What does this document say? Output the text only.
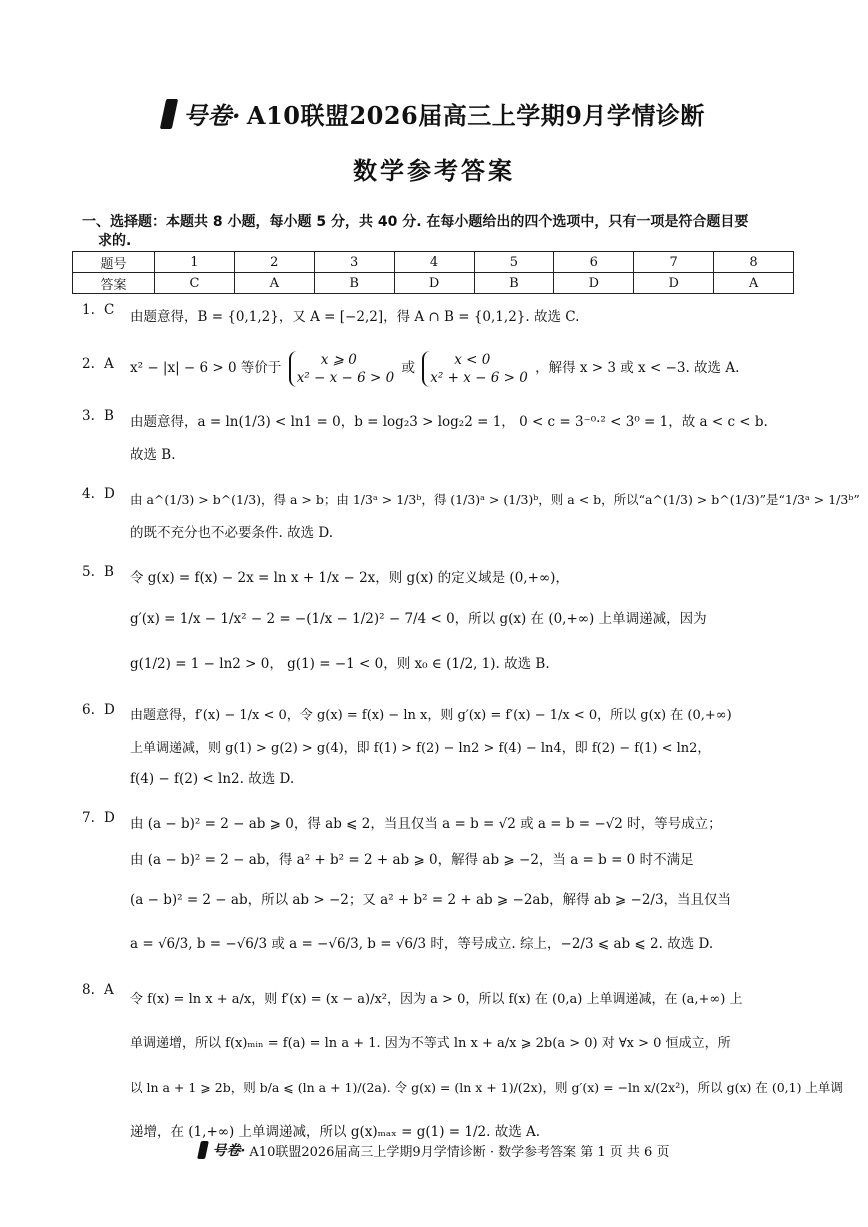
号卷· A10联盟2026届高三上学期9月学情诊断
数学参考答案
一、选择题：本题共 8 小题，每小题 5 分，共 40 分. 在每小题给出的四个选项中，只有一项是符合题目要
求的.
题号	1	2	3	4	5	6	7	8
答案	C	A	B	D	B	D	D	A
1. C	由题意得，B = {0,1,2}，又 A = [−2,2]，得 A ∩ B = {0,1,2}. 故选 C.
2. A	x² − |x| − 6 > 0 等价于
x ⩾ 0
x² − x − 6 > 0
或
x < 0
x² + x − 6 > 0
，解得 x > 3 或 x < −3. 故选 A.
3. B	由题意得，a = ln(1/3) < ln1 = 0，b = log₂3 > log₂2 = 1， 0 < c = 3⁻⁰·² < 3⁰ = 1，故 a < c < b.
故选 B.
4. D	由 a^(1/3) > b^(1/3)，得 a > b；由 1/3ᵃ > 1/3ᵇ，得 (1/3)ᵃ > (1/3)ᵇ，则 a < b，所以“a^(1/3) > b^(1/3)”是“1/3ᵃ > 1/3ᵇ”
的既不充分也不必要条件. 故选 D.
5. B	令 g(x) = f(x) − 2x = ln x + 1/x − 2x，则 g(x) 的定义域是 (0,+∞)，
g′(x) = 1/x − 1/x² − 2 = −(1/x − 1/2)² − 7/4 < 0，所以 g(x) 在 (0,+∞) 上单调递减，因为
g(1/2) = 1 − ln2 > 0， g(1) = −1 < 0，则 x₀ ∈ (1/2, 1). 故选 B.
6. D	由题意得，f′(x) − 1/x < 0，令 g(x) = f(x) − ln x，则 g′(x) = f′(x) − 1/x < 0，所以 g(x) 在 (0,+∞)
上单调递减，则 g(1) > g(2) > g(4)，即 f(1) > f(2) − ln2 > f(4) − ln4，即 f(2) − f(1) < ln2，
f(4) − f(2) < ln2. 故选 D.
7. D	由 (a − b)² = 2 − ab ⩾ 0，得 ab ⩽ 2，当且仅当 a = b = √2 或 a = b = −√2 时，等号成立；
由 (a − b)² = 2 − ab，得 a² + b² = 2 + ab ⩾ 0，解得 ab ⩾ −2，当 a = b = 0 时不满足
(a − b)² = 2 − ab，所以 ab > −2；又 a² + b² = 2 + ab ⩾ −2ab，解得 ab ⩾ −2/3，当且仅当
a = √6/3, b = −√6/3 或 a = −√6/3, b = √6/3 时，等号成立. 综上，−2/3 ⩽ ab ⩽ 2. 故选 D.
8. A
令 f(x) = ln x + a/x，则 f′(x) = (x − a)/x²，因为 a > 0，所以 f(x) 在 (0,a) 上单调递减，在 (a,+∞) 上
单调递增，所以 f(x)ₘᵢₙ = f(a) = ln a + 1. 因为不等式 ln x + a/x ⩾ 2b(a > 0) 对 ∀x > 0 恒成立，所
以 ln a + 1 ⩾ 2b，则 b/a ⩽ (ln a + 1)/(2a). 令 g(x) = (ln x + 1)/(2x)，则 g′(x) = −ln x/(2x²)，所以 g(x) 在 (0,1) 上单调
递增，在 (1,+∞) 上单调递减，所以 g(x)ₘₐₓ = g(1) = 1/2. 故选 A.
号卷· A10联盟2026届高三上学期9月学情诊断 · 数学参考答案 第 1 页 共 6 页
